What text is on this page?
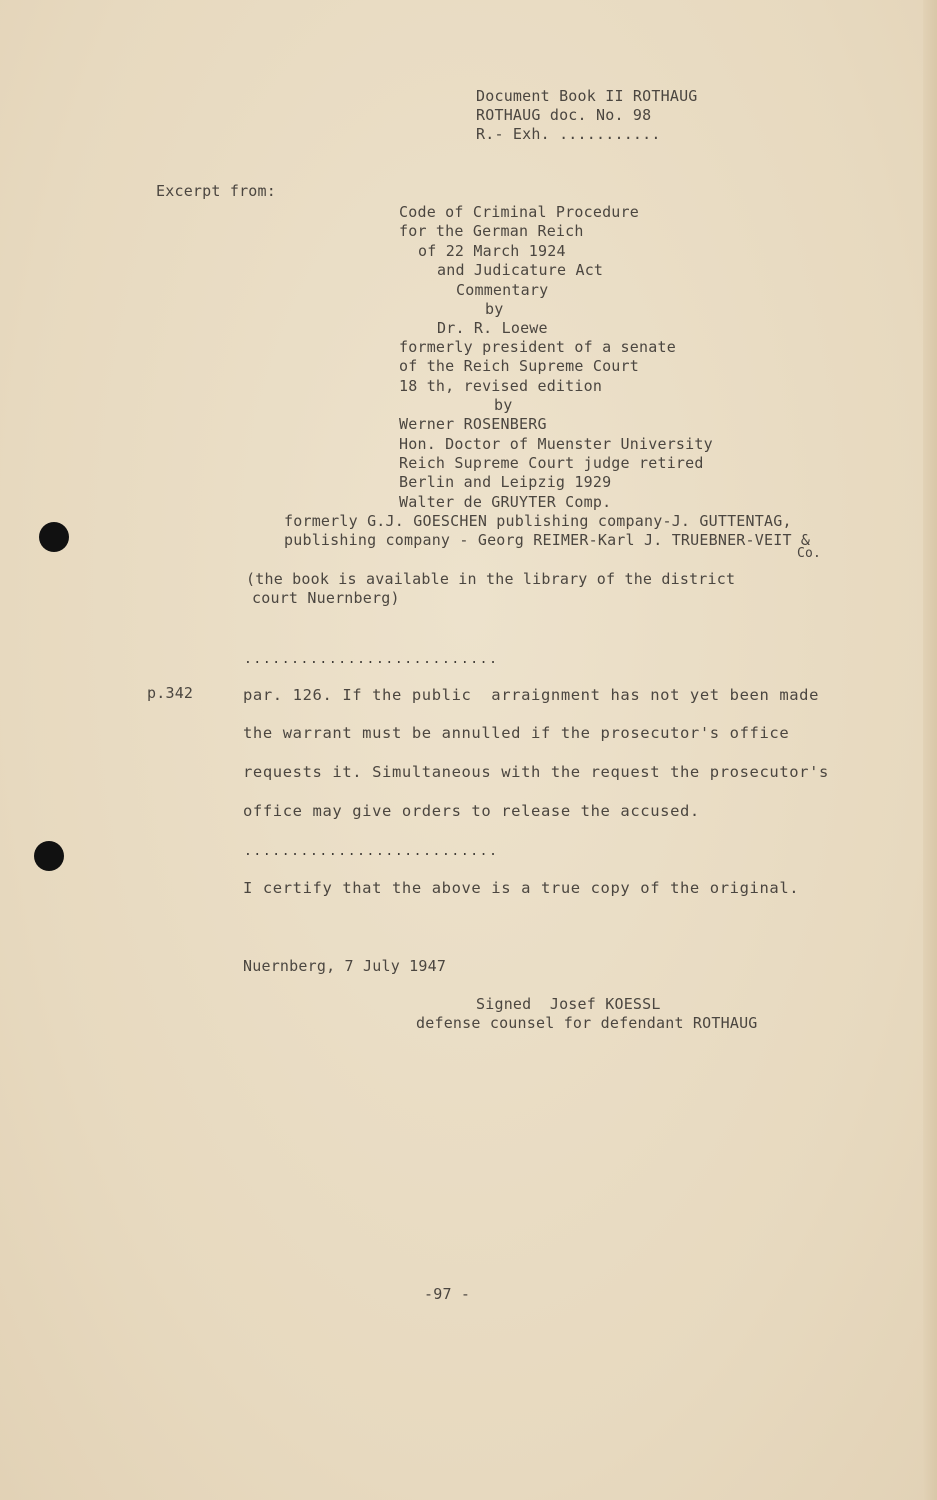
Document Book II ROTHAUG
ROTHAUG doc. No. 98
R.- Exh. ...........
Excerpt from:
Code of Criminal Procedure
for the German Reich
of 22 March 1924
and Judicature Act
Commentary
by
Dr. R. Loewe
formerly president of a senate
of the Reich Supreme Court
18 th, revised edition
by
Werner ROSENBERG
Hon. Doctor of Muenster University
Reich Supreme Court judge retired
Berlin and Leipzig 1929
Walter de GRUYTER Comp.
formerly G.J. GOESCHEN publishing company-J. GUTTENTAG,
publishing company - Georg REIMER-Karl J. TRUEBNER-VEIT &
Co.
(the book is available in the library of the district
court Nuernberg)
...........................
p.342	par. 126. If the public  arraignment has not yet been made
the warrant must be annulled if the prosecutor's office
requests it. Simultaneous with the request the prosecutor's
office may give orders to release the accused.
...........................
I certify that the above is a true copy of the original.
Nuernberg, 7 July 1947
Signed  Josef KOESSL
defense counsel for defendant ROTHAUG
-97 -
